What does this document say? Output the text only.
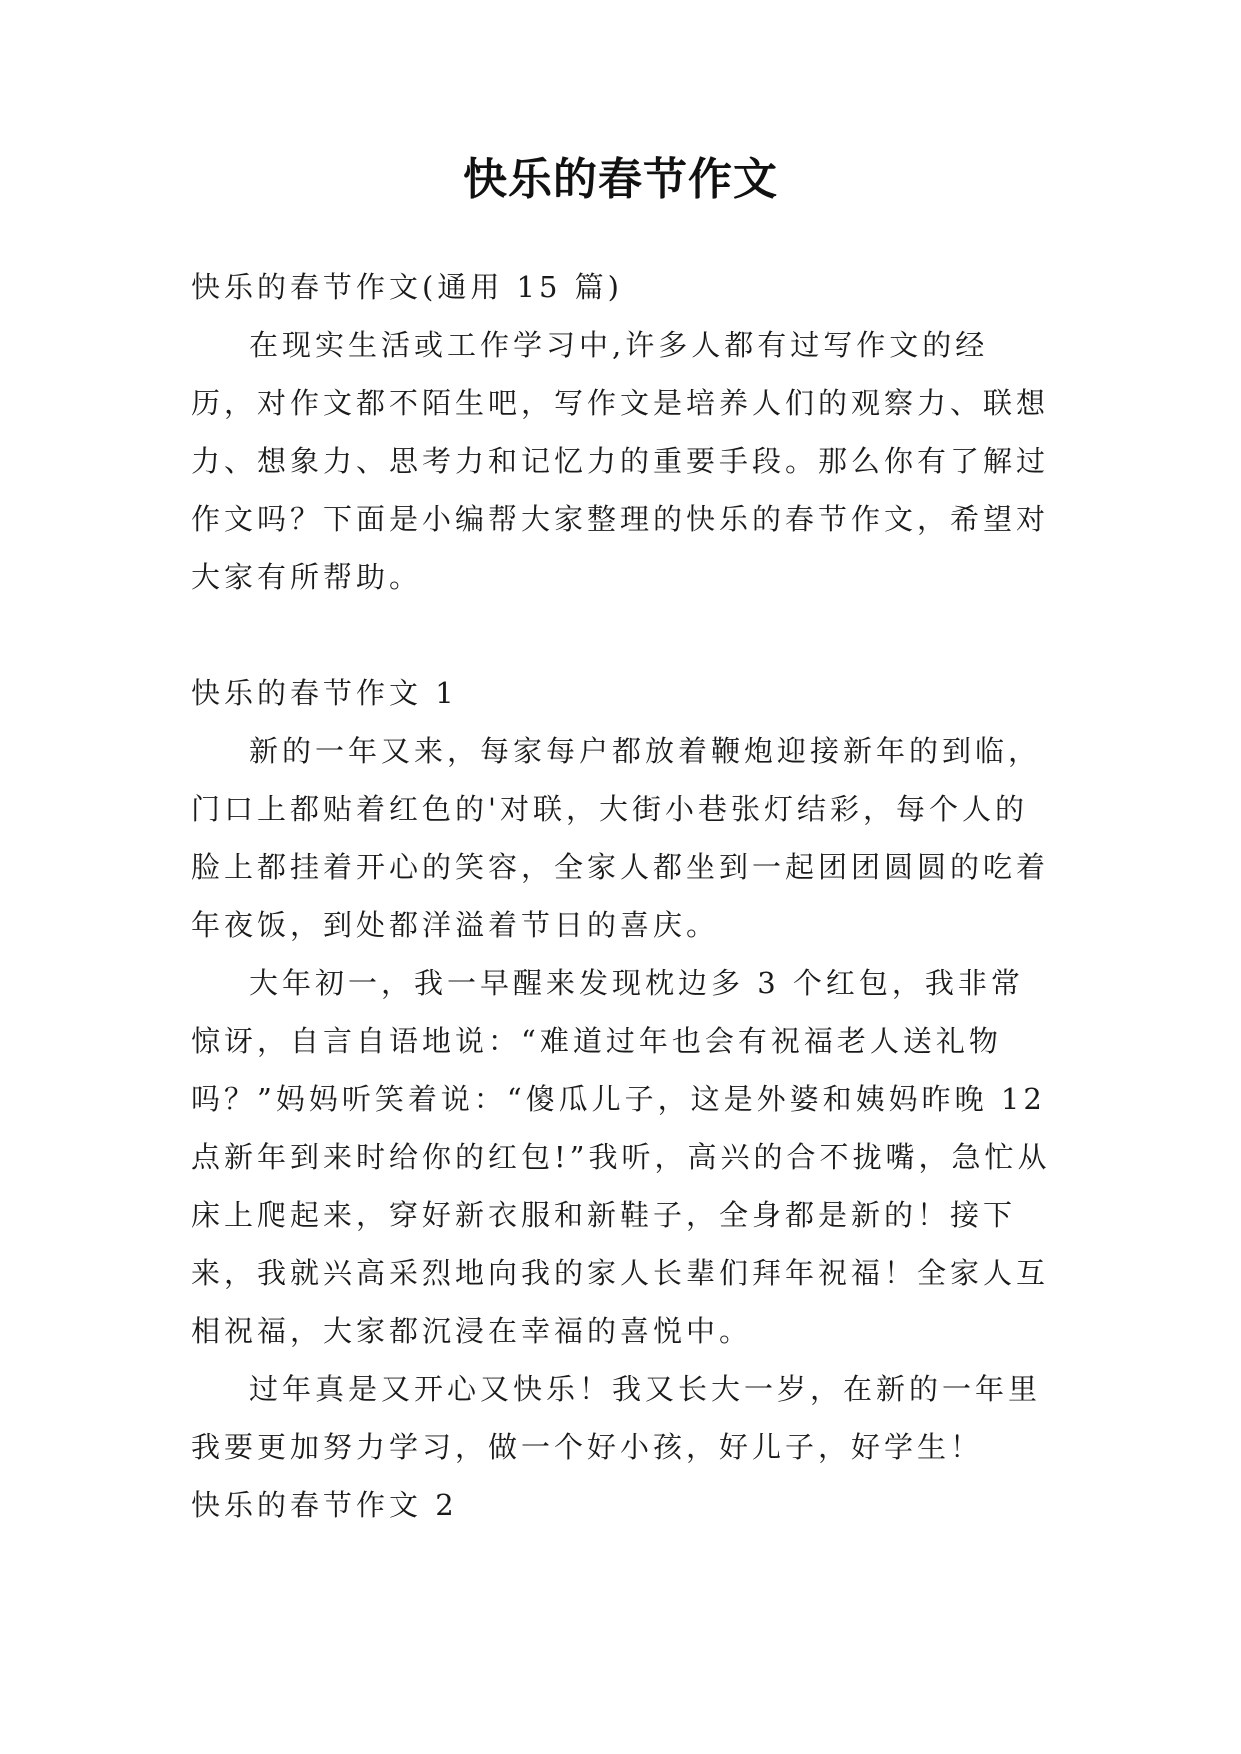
快乐的春节作文

快乐的春节作文(通用 15 篇)

在现实生活或工作学习中,许多人都有过写作文的经历，对作文都不陌生吧，写作文是培养人们的观察力、联想力、想象力、思考力和记忆力的重要手段。那么你有了解过作文吗？下面是小编帮大家整理的快乐的春节作文，希望对大家有所帮助。

快乐的春节作文 1

新的一年又来，每家每户都放着鞭炮迎接新年的到临，门口上都贴着红色的'对联，大街小巷张灯结彩，每个人的脸上都挂着开心的笑容，全家人都坐到一起团团圆圆的吃着年夜饭，到处都洋溢着节日的喜庆。

大年初一，我一早醒来发现枕边多 3 个红包，我非常惊讶，自言自语地说：“难道过年也会有祝福老人送礼物吗？”妈妈听笑着说：“傻瓜儿子，这是外婆和姨妈昨晚 12 点新年到来时给你的红包!”我听，高兴的合不拢嘴，急忙从床上爬起来，穿好新衣服和新鞋子，全身都是新的！接下来，我就兴高采烈地向我的家人长辈们拜年祝福！全家人互相祝福，大家都沉浸在幸福的喜悦中。

过年真是又开心又快乐！我又长大一岁，在新的一年里我要更加努力学习，做一个好小孩，好儿子，好学生！

快乐的春节作文 2
